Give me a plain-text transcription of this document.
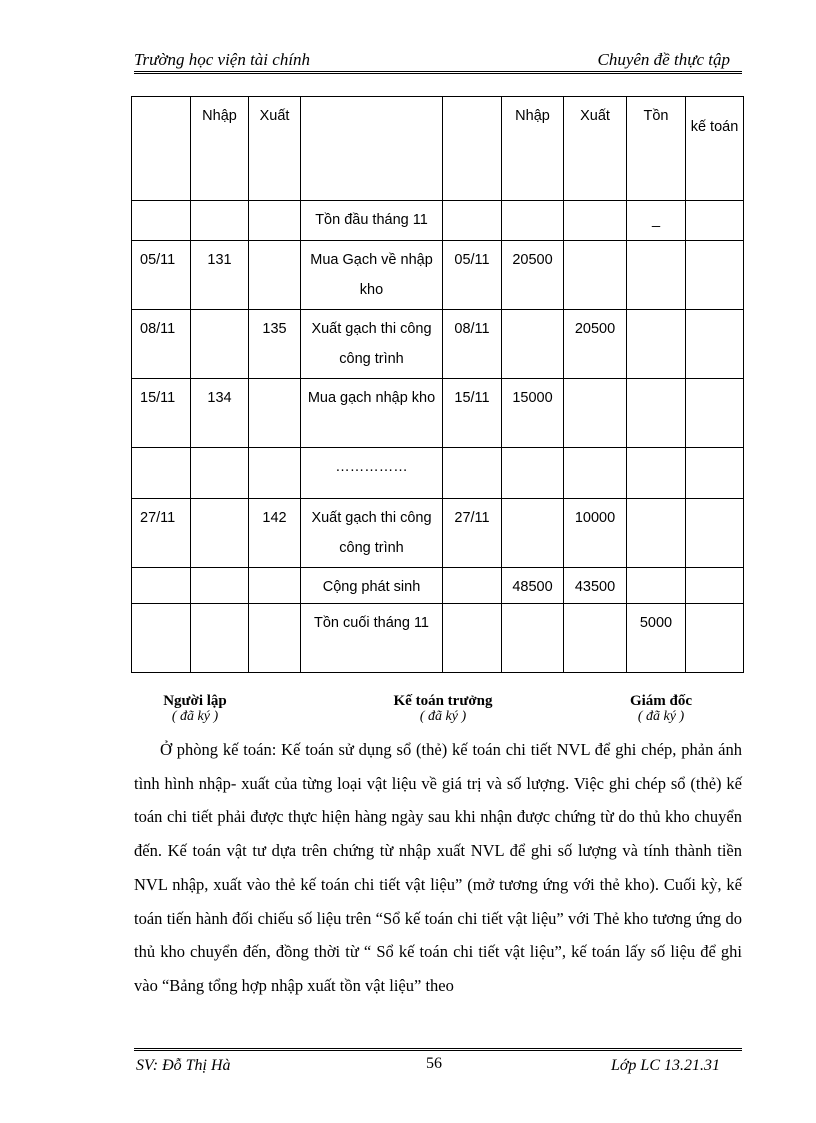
Trường học viện tài chính	Chuyên đề thực tập
	Nhập	Xuất			Nhập	Xuất	Tồn	kế toán
			Tồn đầu tháng 11				_	
05/11	131		Mua Gạch về nhập kho	05/11	20500			
08/11		135	Xuất gạch thi công công trình	08/11		20500		
15/11	134		Mua gạch nhập kho	15/11	15000			
			……………					
27/11		142	Xuất gạch thi công công trình	27/11		10000		
			Cộng phát sinh		48500	43500		
			Tồn cuối tháng 11				5000	
Người lập
( đã ký )
Kế toán trưởng
( đã ký )
Giám đốc
( đã ký )

Ở phòng kế toán: Kế toán sử dụng sổ (thẻ) kế toán chi tiết NVL để ghi chép, phản ánh tình hình nhập- xuất của từng loại vật liệu về giá trị và số lượng. Việc ghi chép sổ (thẻ) kế toán chi tiết phải được thực hiện hàng ngày sau khi nhận được chứng từ do thủ kho chuyển đến. Kế toán vật tư dựa trên chứng từ nhập xuất NVL để ghi số lượng và tính thành tiền NVL nhập, xuất vào thẻ kế toán chi tiết vật liệu” (mở tương ứng với thẻ kho). Cuối kỳ, kế toán tiến hành đối chiếu số liệu trên “Sổ kế toán chi tiết vật liệu” với Thẻ kho tương ứng do thủ kho chuyển đến, đồng thời từ “ Sổ kế toán chi tiết vật liệu”, kế toán lấy số liệu để ghi vào “Bảng tổng hợp nhập xuất tồn vật liệu” theo

SV: Đỗ Thị Hà	56	Lớp LC 13.21.31
